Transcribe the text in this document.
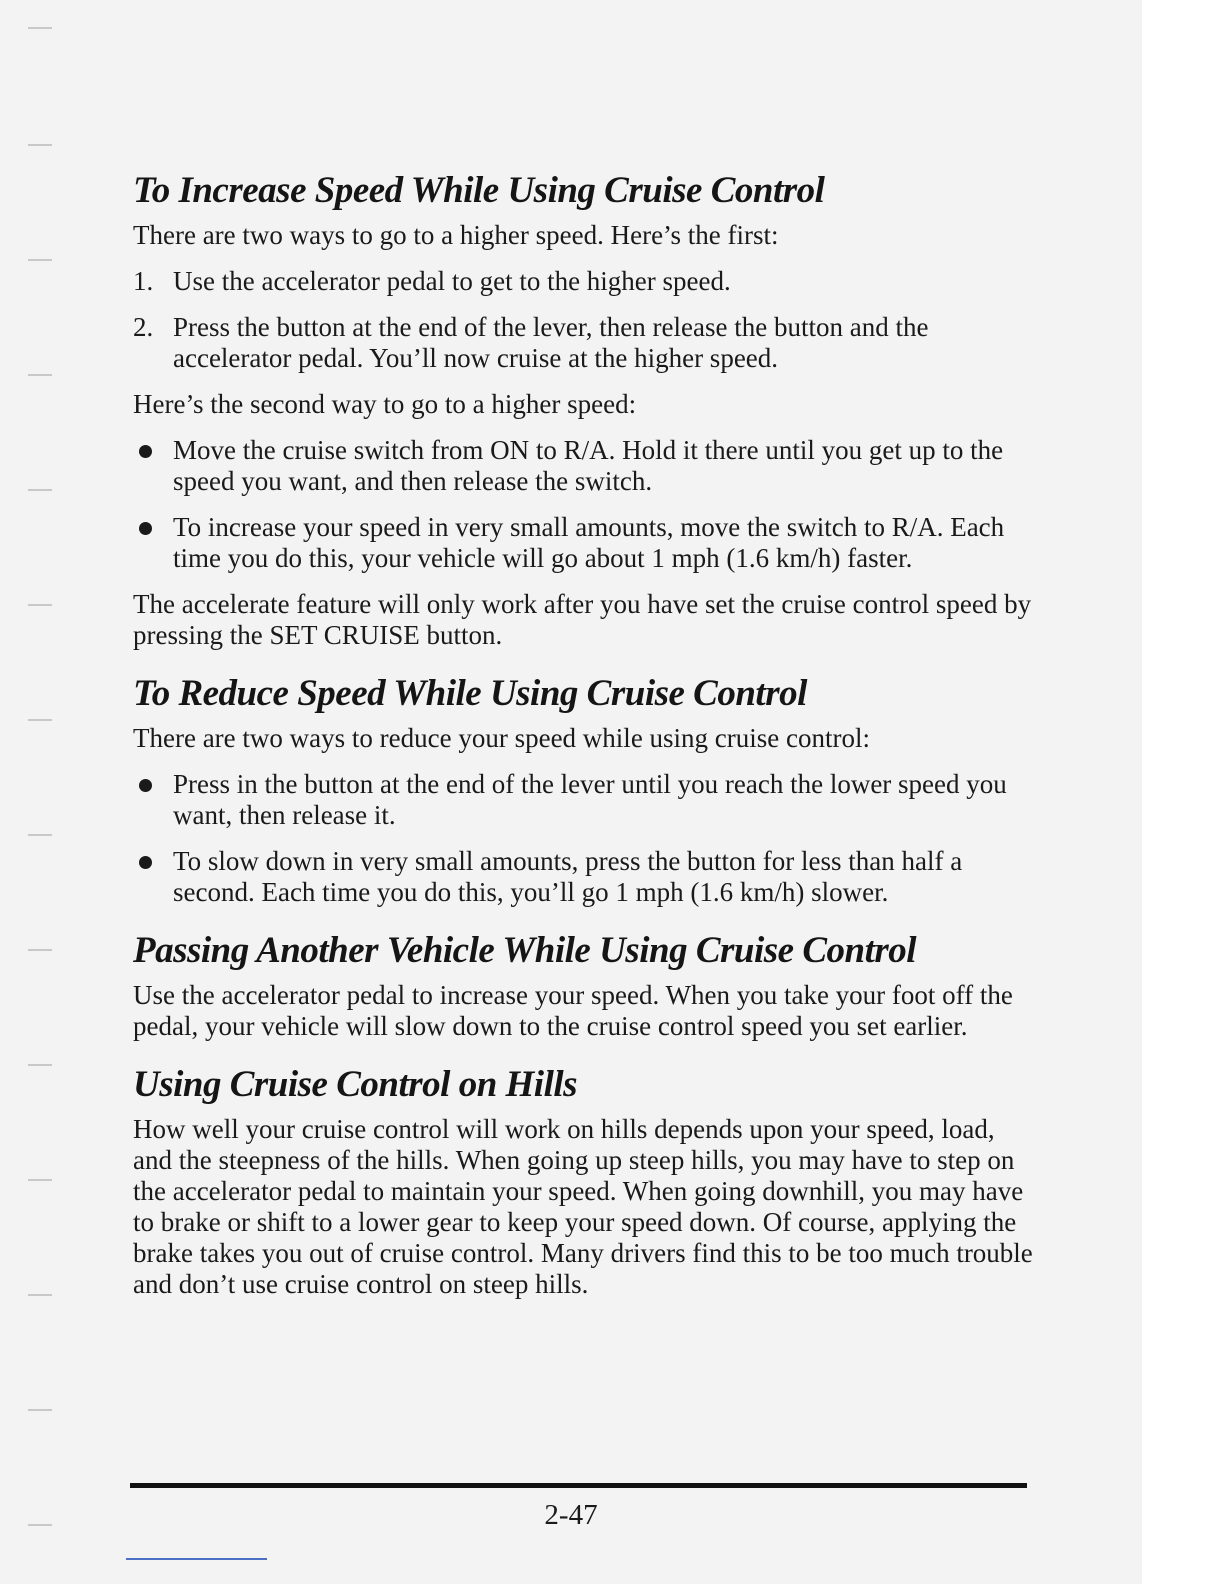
To Increase Speed While Using Cruise Control

There are two ways to go to a higher speed. Here’s the first:

1. Use the accelerator pedal to get to the higher speed.
2. Press the button at the end of the lever, then release the button and the accelerator pedal. You’ll now cruise at the higher speed.

Here’s the second way to go to a higher speed:

Move the cruise switch from ON to R/A. Hold it there until you get up to the speed you want, and then release the switch.
To increase your speed in very small amounts, move the switch to R/A. Each time you do this, your vehicle will go about 1 mph (1.6 km/h) faster.

The accelerate feature will only work after you have set the cruise control speed by pressing the SET CRUISE button.

To Reduce Speed While Using Cruise Control

There are two ways to reduce your speed while using cruise control:

Press in the button at the end of the lever until you reach the lower speed you want, then release it.
To slow down in very small amounts, press the button for less than half a second. Each time you do this, you’ll go 1 mph (1.6 km/h) slower.
Passing Another Vehicle While Using Cruise Control

Use the accelerator pedal to increase your speed. When you take your foot off the pedal, your vehicle will slow down to the cruise control speed you set earlier.

Using Cruise Control on Hills

How well your cruise control will work on hills depends upon your speed, load, and the steepness of the hills. When going up steep hills, you may have to step on the accelerator pedal to maintain your speed. When going downhill, you may have to brake or shift to a lower gear to keep your speed down. Of course, applying the brake takes you out of cruise control. Many drivers find this to be too much trouble and don’t use cruise control on steep hills.

2-47
